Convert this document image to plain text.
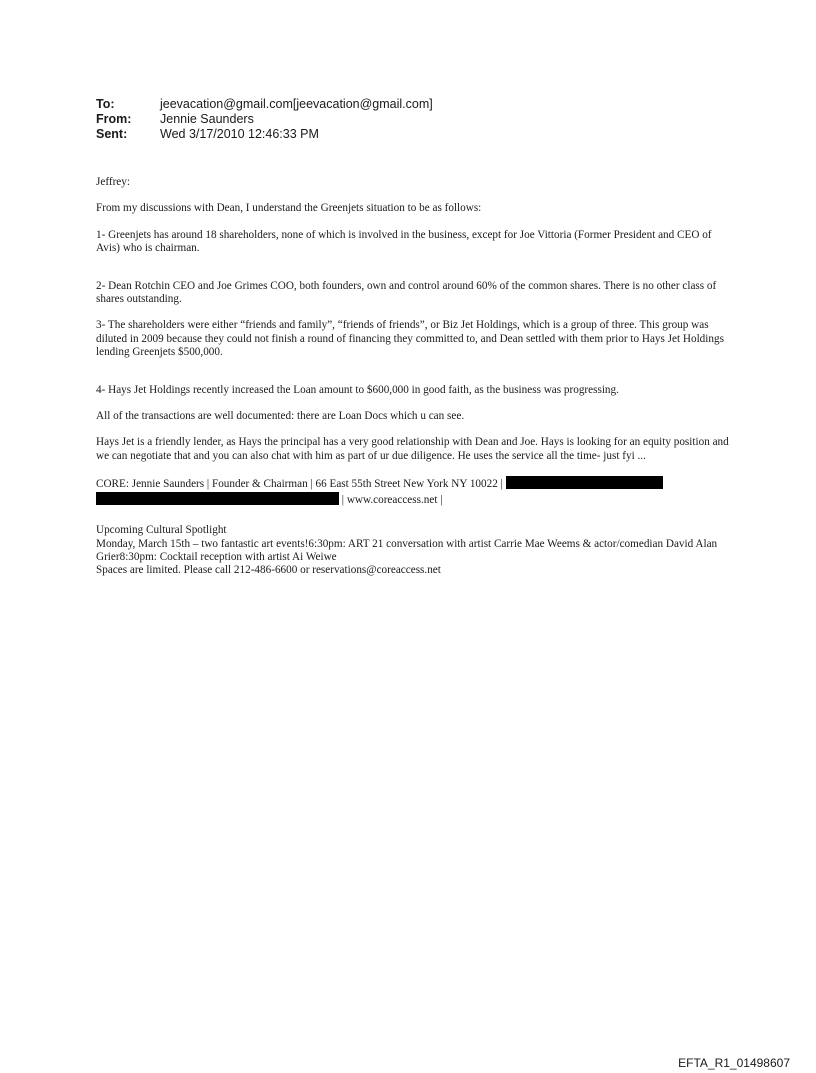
To:	jeevacation@gmail.com[jeevacation@gmail.com]
From:	Jennie Saunders
Sent:	Wed 3/17/2010 12:46:33 PM

Jeffrey:

From my discussions with Dean, I understand the Greenjets situation to be as follows:

1- Greenjets has around 18 shareholders, none of which is involved in the business, except for Joe Vittoria (Former President and CEO of Avis) who is chairman.

2- Dean Rotchin CEO and Joe Grimes COO, both founders, own and control around 60% of the common shares. There is no other class of shares outstanding.

3- The shareholders were either “friends and family”, “friends of friends”, or Biz Jet Holdings, which is a group of three. This group was diluted in 2009 because they could not finish a round of financing they committed to, and Dean settled with them prior to Hays Jet Holdings lending Greenjets $500,000.

4- Hays Jet Holdings recently increased the Loan amount to $600,000 in good faith, as the business was progressing.

All of the transactions are well documented: there are Loan Docs which u can see.

Hays Jet is a friendly lender, as Hays the principal has a very good relationship with Dean and Joe. Hays is looking for an equity position and we can negotiate that and you can also chat with him as part of ur due diligence. He uses the service all the time- just fyi ...

CORE: Jennie Saunders | Founder & Chairman | 66 East 55th Street New York NY 10022 |
| www.coreaccess.net |

Upcoming Cultural Spotlight

Monday, March 15th – two fantastic art events!6:30pm: ART 21 conversation with artist Carrie Mae Weems & actor/comedian David Alan Grier8:30pm: Cocktail reception with artist Ai Weiwe

Spaces are limited. Please call 212-486-6600 or reservations@coreaccess.net

EFTA_R1_01498607
